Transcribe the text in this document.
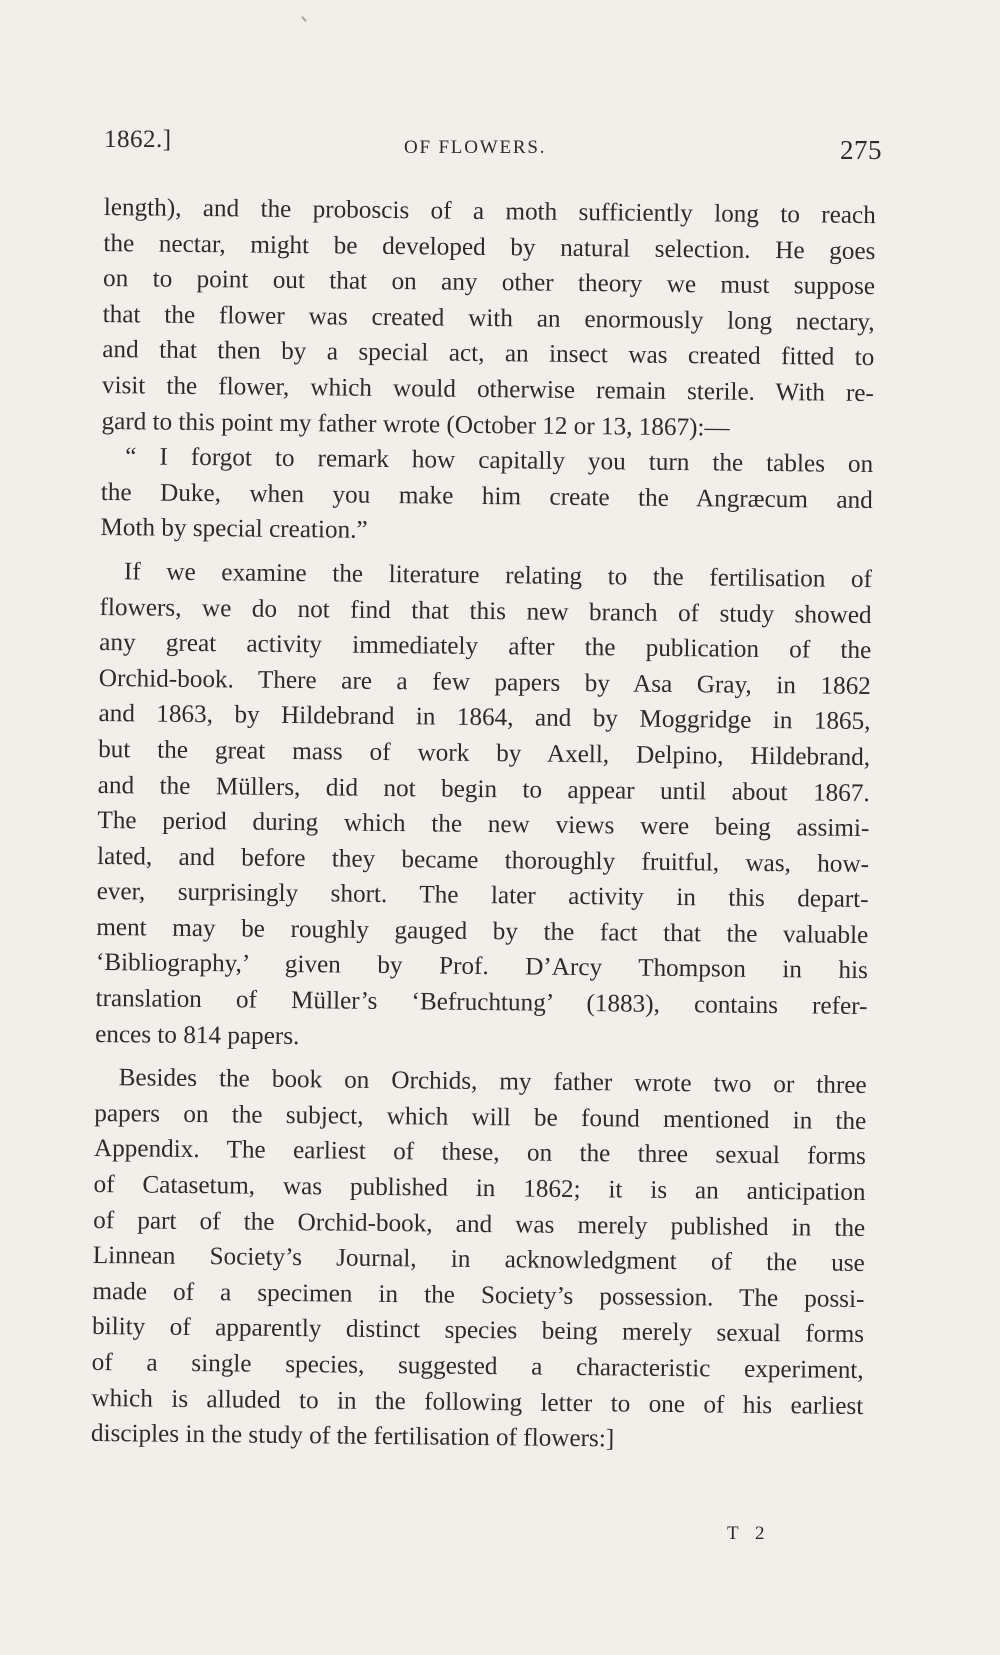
1862.]	OF FLOWERS.	275
length), and the proboscis of a moth sufficiently long to reach
the nectar, might be developed by natural selection. He goes
on to point out that on any other theory we must suppose
that the flower was created with an enormously long nectary,
and that then by a special act, an insect was created fitted to
visit the flower, which would otherwise remain sterile. With re-
gard to this point my father wrote (October 12 or 13, 1867):—
“ I forgot to remark how capitally you turn the tables on
the Duke, when you make him create the Angræcum and
Moth by special creation.”
If we examine the literature relating to the fertilisation of
flowers, we do not find that this new branch of study showed
any great activity immediately after the publication of the
Orchid-book. There are a few papers by Asa Gray, in 1862
and 1863, by Hildebrand in 1864, and by Moggridge in 1865,
but the great mass of work by Axell, Delpino, Hildebrand,
and the Müllers, did not begin to appear until about 1867.
The period during which the new views were being assimi-
lated, and before they became thoroughly fruitful, was, how-
ever, surprisingly short. The later activity in this depart-
ment may be roughly gauged by the fact that the valuable
‘Bibliography,’ given by Prof. D’Arcy Thompson in his
translation of Müller’s ‘Befruchtung’ (1883), contains refer-
ences to 814 papers.
Besides the book on Orchids, my father wrote two or three
papers on the subject, which will be found mentioned in the
Appendix. The earliest of these, on the three sexual forms
of Catasetum, was published in 1862; it is an anticipation
of part of the Orchid-book, and was merely published in the
Linnean Society’s Journal, in acknowledgment of the use
made of a specimen in the Society’s possession. The possi-
bility of apparently distinct species being merely sexual forms
of a single species, suggested a characteristic experiment,
which is alluded to in the following letter to one of his earliest
disciples in the study of the fertilisation of flowers:]
T 2
